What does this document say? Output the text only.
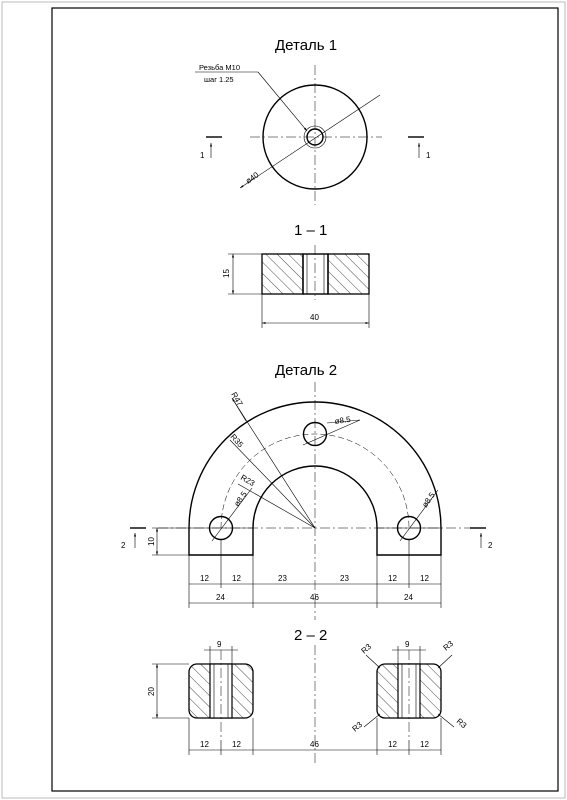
Деталь 1
ø40
Резьба М10
шаг 1.25
1	1
1 – 1
15
40
Деталь 2
R47
R35
R23
ø8.5
ø8.5	ø8.5
10
2	2
12	12	23	23	12	12
24	46	24
2 – 2
9	9
20
R3	R3
R3	R3
12	12	46	12	12
